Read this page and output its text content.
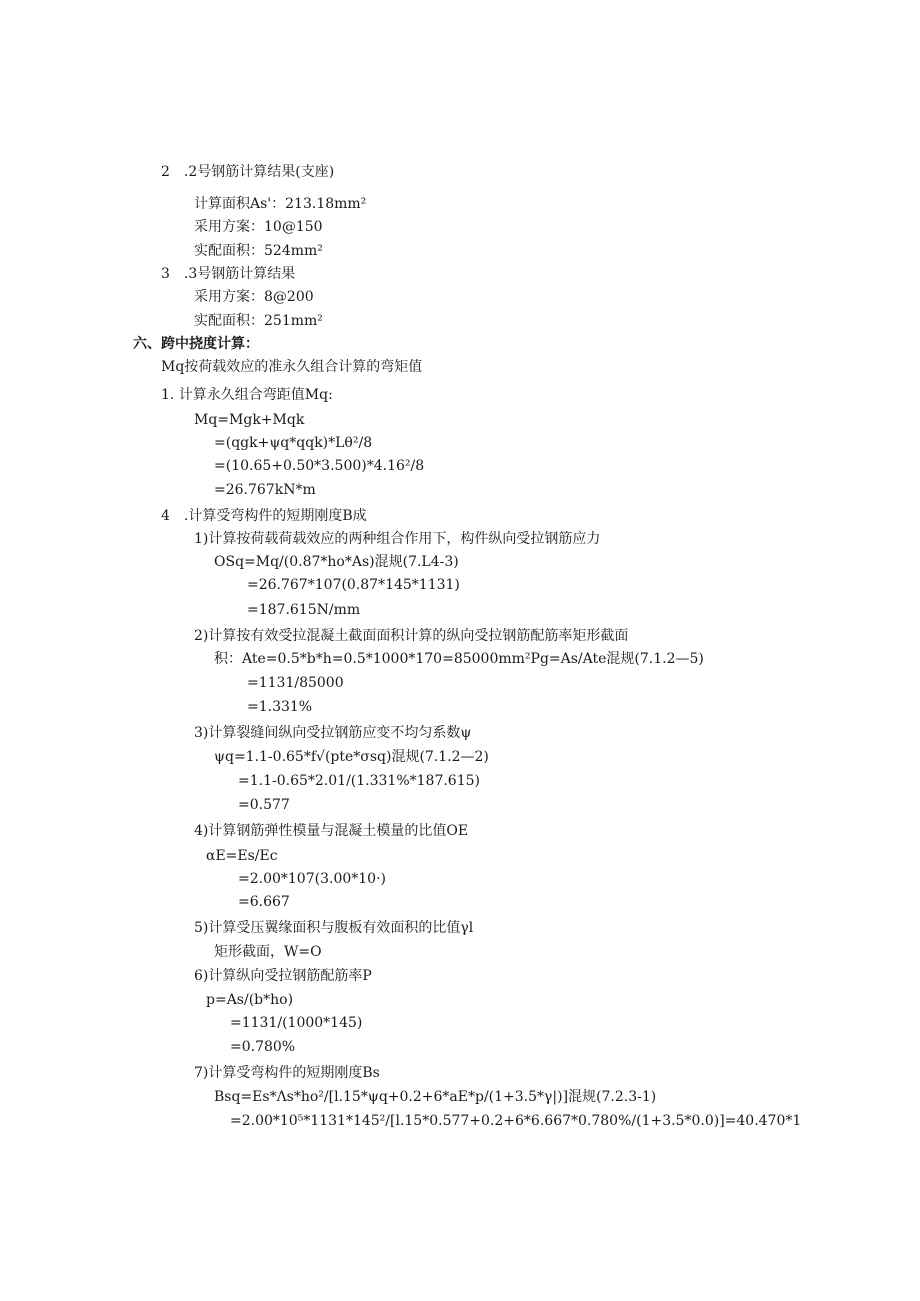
2　.2号钢筋计算结果(支座)
计算面积As'：213.18mm²
采用方案：10@150
实配面积：524mm²
3　.3号钢筋计算结果
采用方案：8@200
实配面积：251mm²
六、跨中挠度计算：
Mq按荷载效应的准永久组合计算的弯矩值
1. 计算永久组合弯距值Mq:
Mq=Mgk+Mqk
=(qgk+ψq*qqk)*Lθ²/8
=(10.65+0.50*3.500)*4.16²/8
=26.767kN*m
4　.计算受弯构件的短期刚度B成
1)计算按荷载荷载效应的两种组合作用下，构件纵向受拉钢筋应力
OSq=Mq/(0.87*ho*As)混规(7.L4-3)
=26.767*107(0.87*145*1131)
=187.615N/mm
2)计算按有效受拉混凝土截面面积计算的纵向受拉钢筋配筋率矩形截面
积：Ate=0.5*b*h=0.5*1000*170=85000mm²Pg=As/Ate混规(7.1.2—5)
=1131/85000
=1.331%
3)计算裂缝间纵向受拉钢筋应变不均匀系数ψ
ψq=1.1-0.65*f√(pte*σsq)混规(7.1.2—2)
=1.1-0.65*2.01/(1.331%*187.615)
=0.577
4)计算钢筋弹性模量与混凝土模量的比值OE
αE=Es/Ec
=2.00*107(3.00*10·)
=6.667
5)计算受压翼缘面积与腹板有效面积的比值γl
矩形截面，W=O
6)计算纵向受拉钢筋配筋率P
p=As/(b*ho)
=1131/(1000*145)
=0.780%
7)计算受弯构件的短期刚度Bs
Bsq=Es*Λs*ho²/[l.15*ψq+0.2+6*aE*p/(1+3.5*γ|)]混规(7.2.3-1)
=2.00*10⁵*1131*145²/[l.15*0.577+0.2+6*6.667*0.780%/(1+3.5*0.0)]=40.470*1
